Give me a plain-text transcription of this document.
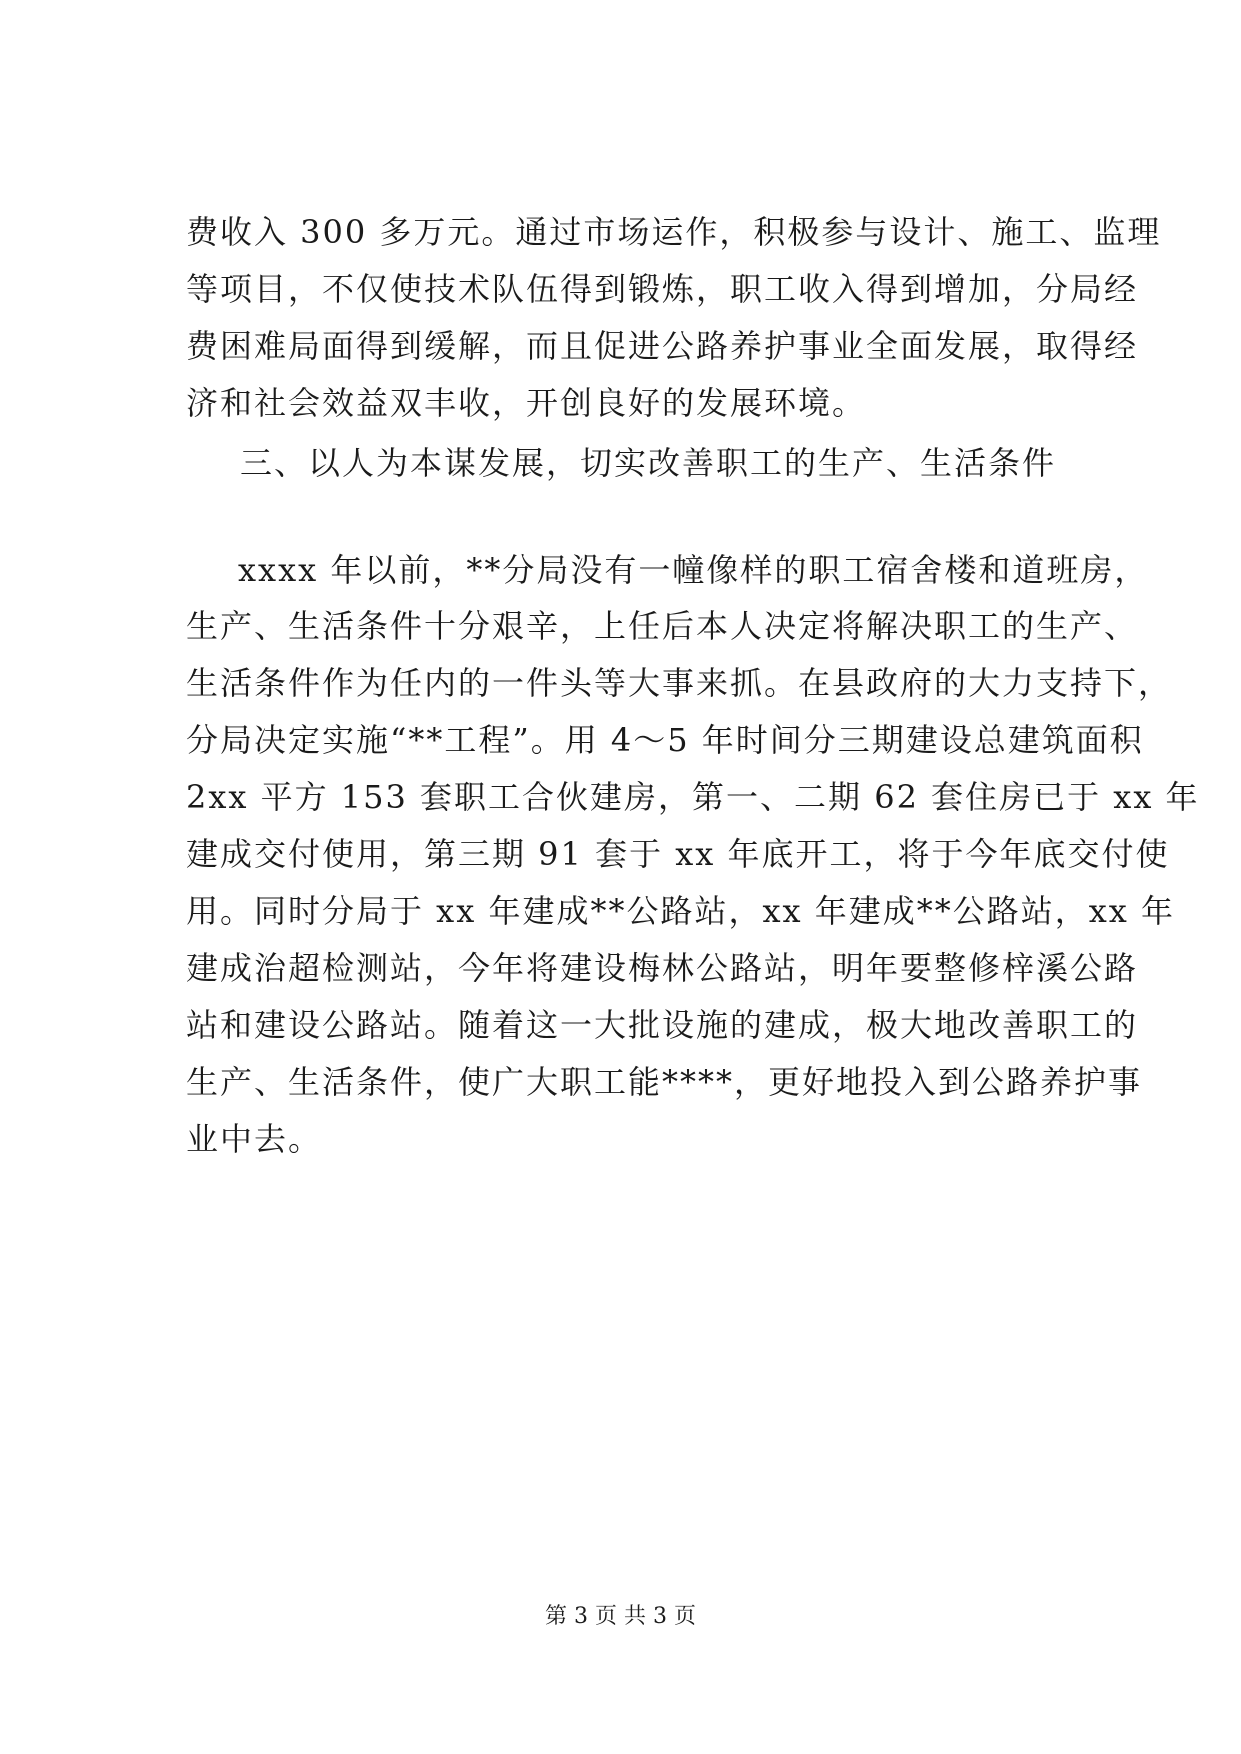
费收入 300 多万元。通过市场运作，积极参与设计、施工、监理
等项目，不仅使技术队伍得到锻炼，职工收入得到增加，分局经
费困难局面得到缓解，而且促进公路养护事业全面发展，取得经
济和社会效益双丰收，开创良好的发展环境。
三、以人为本谋发展，切实改善职工的生产、生活条件
xxxx 年以前，**分局没有一幢像样的职工宿舍楼和道班房，
生产、生活条件十分艰辛，上任后本人决定将解决职工的生产、
生活条件作为任内的一件头等大事来抓。在县政府的大力支持下，
分局决定实施“**工程”。用 4～5 年时间分三期建设总建筑面积
2xx 平方 153 套职工合伙建房，第一、二期 62 套住房已于 xx 年
建成交付使用，第三期 91 套于 xx 年底开工，将于今年底交付使
用。同时分局于 xx 年建成**公路站，xx 年建成**公路站，xx 年
建成治超检测站，今年将建设梅林公路站，明年要整修梓溪公路
站和建设公路站。随着这一大批设施的建成，极大地改善职工的
生产、生活条件，使广大职工能****，更好地投入到公路养护事
业中去。
第 3 页 共 3 页
